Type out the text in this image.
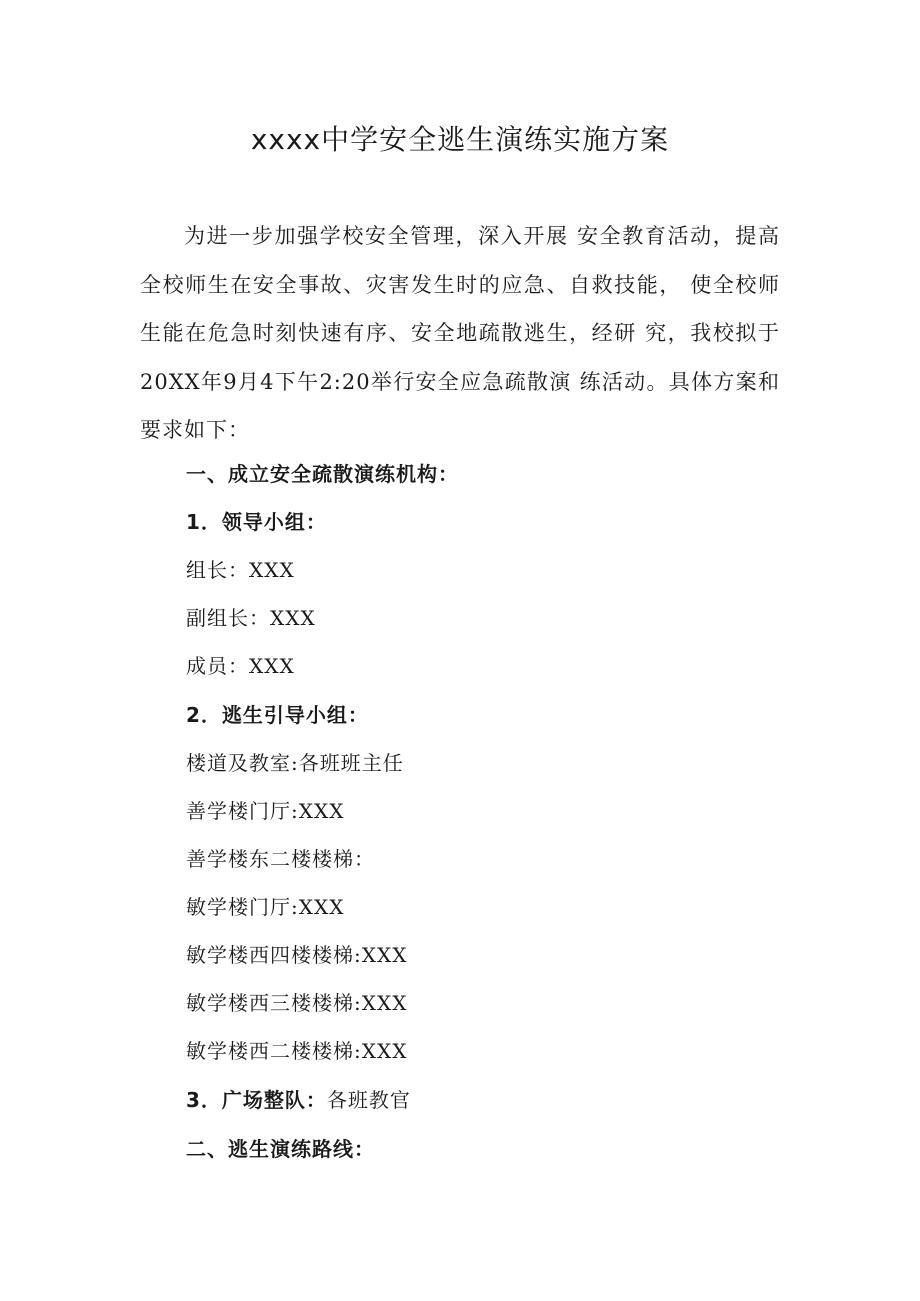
xxxx中学安全逃生演练实施方案

为进一步加强学校安全管理，深入开展 安全教育活动，提高全校师生在安全事故、灾害发生时的应急、自救技能， 使全校师生能在危急时刻快速有序、安全地疏散逃生，经研 究，我校拟于20XX年9月4下午2:20举行安全应急疏散演 练活动。具体方案和要求如下：

一、成立安全疏散演练机构：
1．领导小组：
组长：XXX
副组长：XXX
成员：XXX
2．逃生引导小组：
楼道及教室:各班班主任
善学楼门厅:XXX
善学楼东二楼楼梯：
敏学楼门厅:XXX
敏学楼西四楼楼梯:XXX
敏学楼西三楼楼梯:XXX
敏学楼西二楼楼梯:XXX
3．广场整队：各班教官
二、逃生演练路线：
